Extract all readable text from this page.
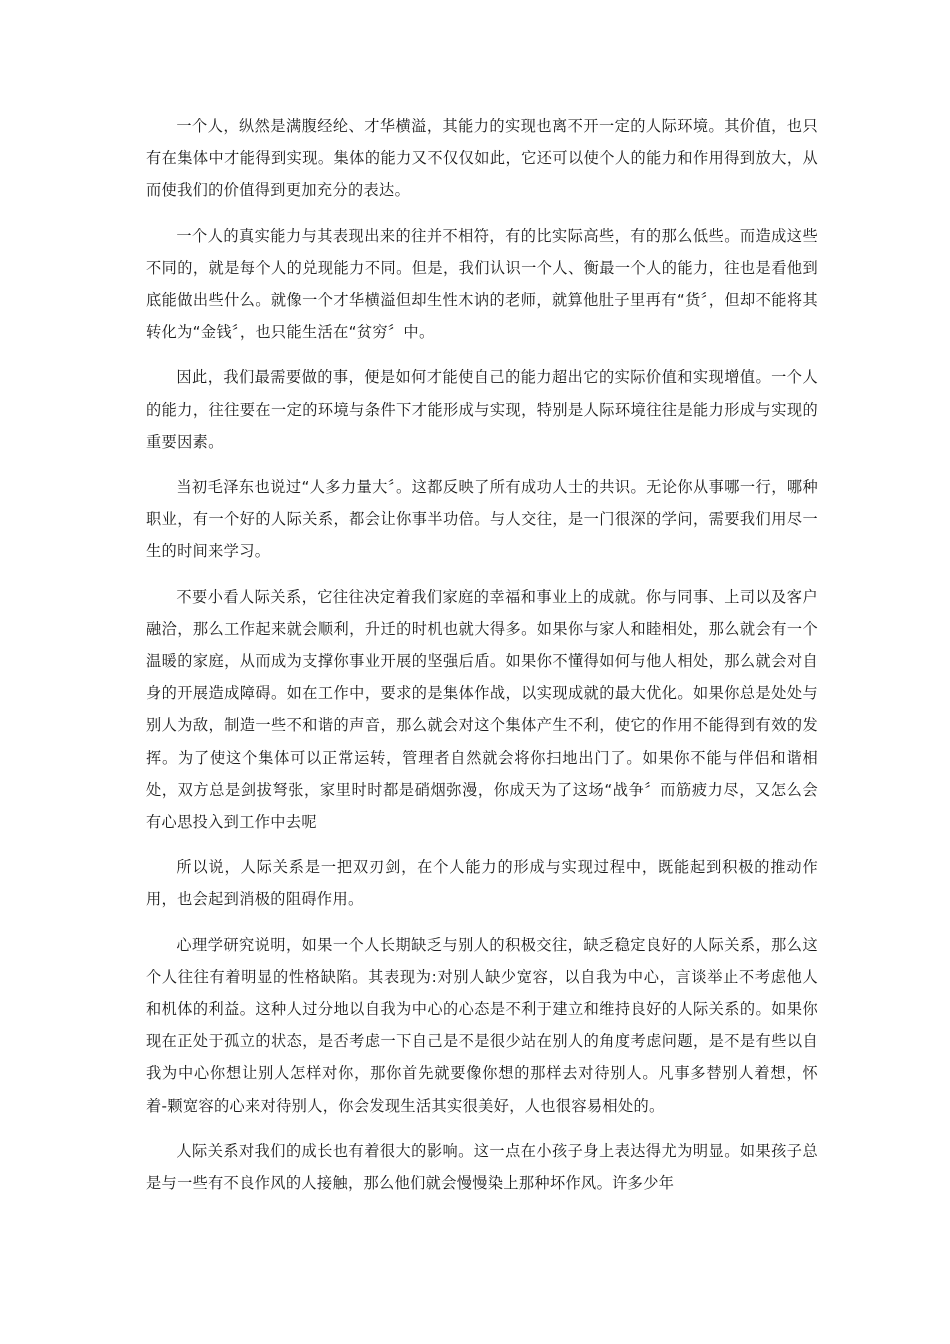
一个人，纵然是满腹经纶、才华横溢，其能力的实现也离不开一定的人际环境。其价值，也只有在集体中才能得到实现。集体的能力又不仅仅如此，它还可以使个人的能力和作用得到放大，从而使我们的价值得到更加充分的表达。

一个人的真实能力与其表现出来的往并不相符，有的比实际高些，有的那么低些。而造成这些不同的，就是每个人的兑现能力不同。但是，我们认识一个人、衡最一个人的能力，往也是看他到底能做出些什么。就像一个才华横溢但却生性木讷的老师，就算他肚子里再有“货〞，但却不能将其转化为“金钱〞，也只能生活在“贫穷〞中。

因此，我们最需要做的事，便是如何才能使自己的能力超出它的实际价值和实现增值。一个人的能力，往往要在一定的环境与条件下才能形成与实现，特别是人际环境往往是能力形成与实现的重要因素。

当初毛泽东也说过“人多力量大〞。这都反映了所有成功人士的共识。无论你从事哪一行，哪种职业，有一个好的人际关系，都会让你事半功倍。与人交往，是一门很深的学问，需要我们用尽一生的时间来学习。

不要小看人际关系，它往往决定着我们家庭的幸福和事业上的成就。你与同事、上司以及客户融洽，那么工作起来就会顺利，升迁的时机也就大得多。如果你与家人和睦相处，那么就会有一个温暖的家庭，从而成为支撑你事业开展的坚强后盾。如果你不懂得如何与他人相处，那么就会对自身的开展造成障碍。如在工作中，要求的是集体作战，以实现成就的最大优化。如果你总是处处与别人为敌，制造一些不和谐的声音，那么就会对这个集体产生不利，使它的作用不能得到有效的发挥。为了使这个集体可以正常运转，管理者自然就会将你扫地出门了。如果你不能与伴侣和谐相处，双方总是剑拔弩张，家里时时都是硝烟弥漫，你成天为了这场“战争〞而筋疲力尽，又怎么会有心思投入到工作中去呢

所以说，人际关系是一把双刃剑，在个人能力的形成与实现过程中，既能起到积极的推动作用，也会起到消极的阻碍作用。

心理学研究说明，如果一个人长期缺乏与别人的积极交往，缺乏稳定良好的人际关系，那么这个人往往有着明显的性格缺陷。其表现为:对别人缺少宽容，以自我为中心，言谈举止不考虑他人和机体的利益。这种人过分地以自我为中心的心态是不利于建立和维持良好的人际关系的。如果你现在正处于孤立的状态，是否考虑一下自己是不是很少站在别人的角度考虑问题，是不是有些以自我为中心你想让别人怎样对你，那你首先就要像你想的那样去对待别人。凡事多替别人着想，怀着-颗宽容的心来对待别人，你会发现生活其实很美好，人也很容易相处的。

人际关系对我们的成长也有着很大的影响。这一点在小孩子身上表达得尤为明显。如果孩子总是与一些有不良作风的人接触，那么他们就会慢慢染上那种坏作风。许多少年
